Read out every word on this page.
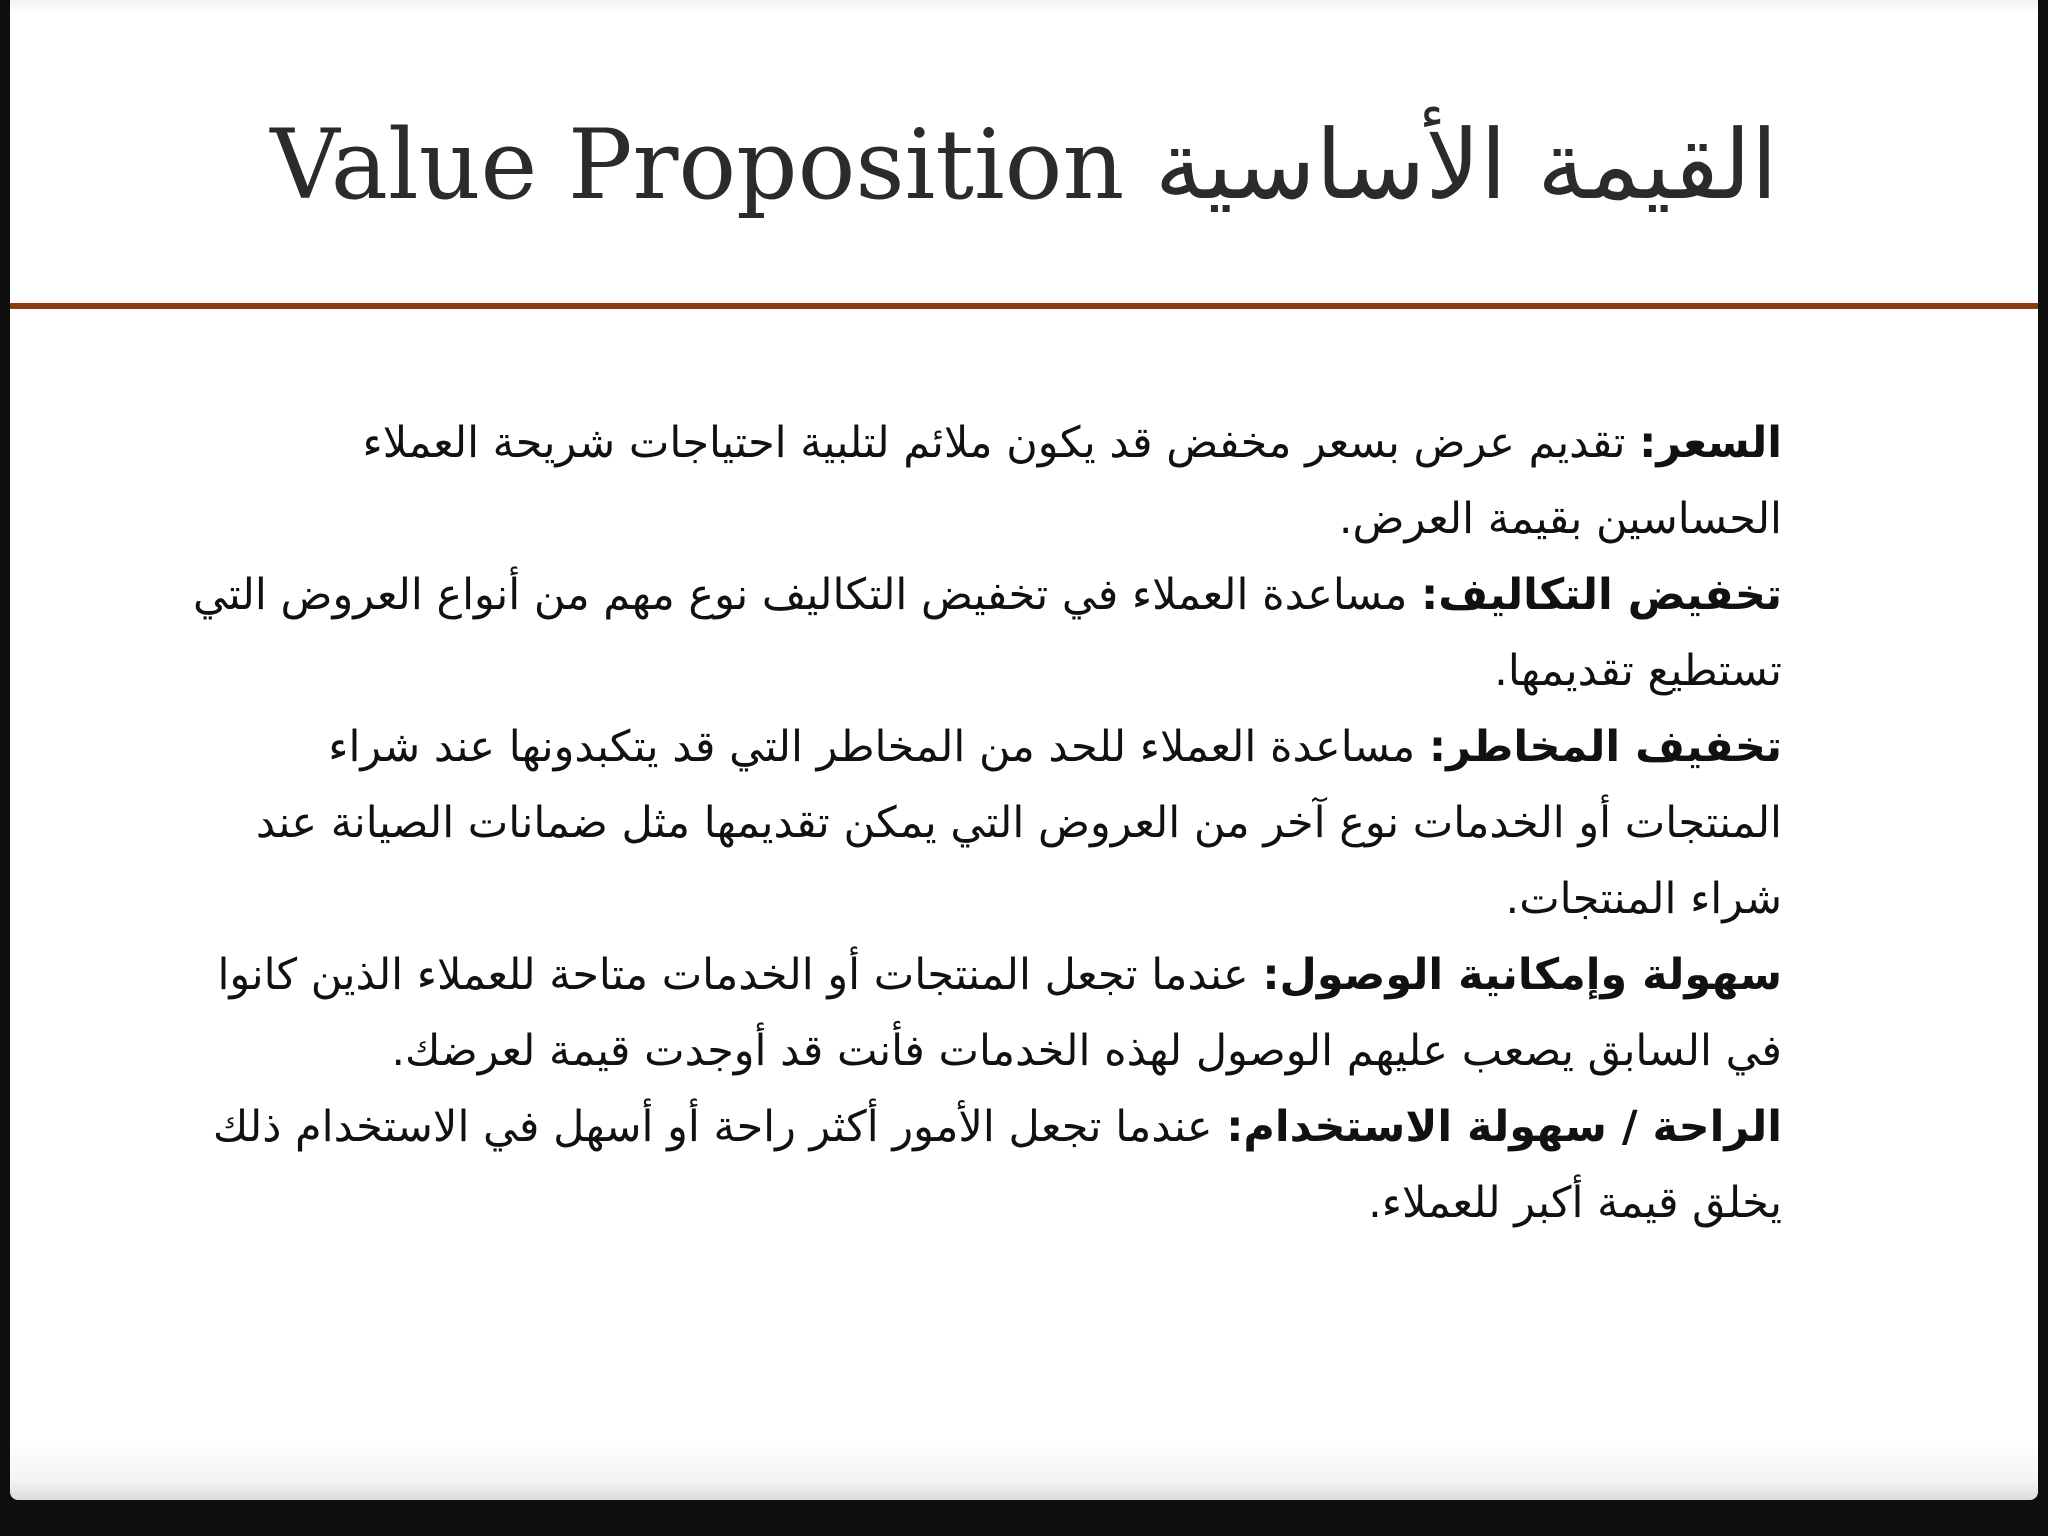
Value Proposition القيمة الأساسية

السعر: تقديم عرض بسعر مخفض قد يكون ملائم لتلبية احتياجات شريحة العملاء الحساسين بقيمة العرض.

تخفيض التكاليف: مساعدة العملاء في تخفيض التكاليف نوع مهم من أنواع العروض التي تستطيع تقديمها.

تخفيف المخاطر: مساعدة العملاء للحد من المخاطر التي قد يتكبدونها عند شراء المنتجات أو الخدمات نوع آخر من العروض التي يمكن تقديمها مثل ضمانات الصيانة عند شراء المنتجات.

سهولة وإمكانية الوصول: عندما تجعل المنتجات أو الخدمات متاحة للعملاء الذين كانوا في السابق يصعب عليهم الوصول لهذه الخدمات فأنت قد أوجدت قيمة لعرضك.

الراحة / سهولة الاستخدام: عندما تجعل الأمور أكثر راحة أو أسهل في الاستخدام ذلك يخلق قيمة أكبر للعملاء.
